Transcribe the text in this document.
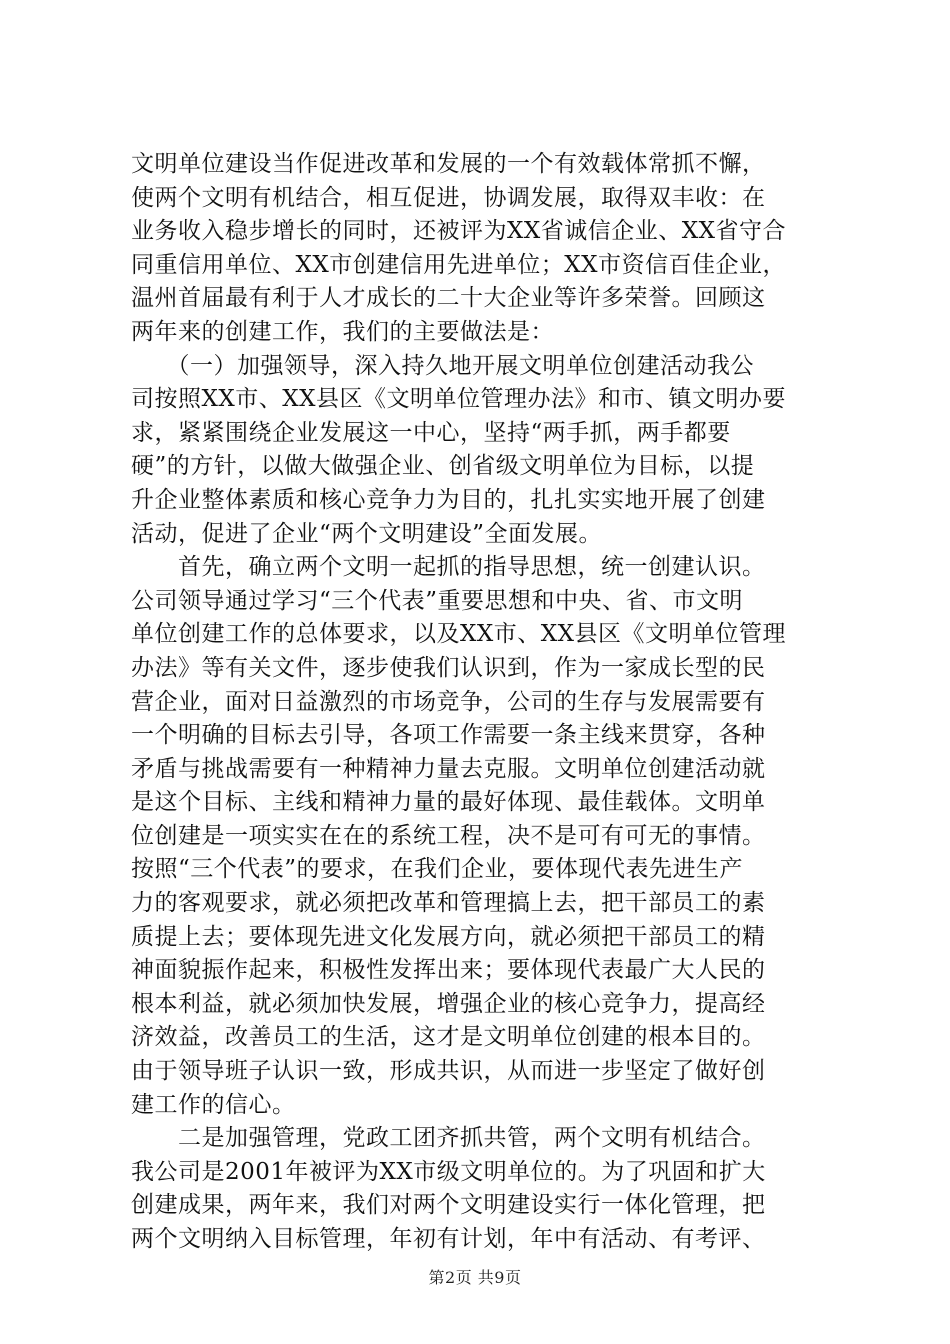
文明单位建设当作促进改革和发展的一个有效载体常抓不懈，
使两个文明有机结合，相互促进，协调发展，取得双丰收：在
业务收入稳步增长的同时，还被评为XX省诚信企业、XX省守合
同重信用单位、XX市创建信用先进单位；XX市资信百佳企业，
温州首届最有利于人才成长的二十大企业等许多荣誉。回顾这
两年来的创建工作，我们的主要做法是：
　　（一）加强领导，深入持久地开展文明单位创建活动我公
司按照XX市、XX县区《文明单位管理办法》和市、镇文明办要
求，紧紧围绕企业发展这一中心，坚持“两手抓，两手都要
硬”的方针，以做大做强企业、创省级文明单位为目标，以提
升企业整体素质和核心竞争力为目的，扎扎实实地开展了创建
活动，促进了企业“两个文明建设”全面发展。
　　首先，确立两个文明一起抓的指导思想，统一创建认识。
公司领导通过学习“三个代表”重要思想和中央、省、市文明
单位创建工作的总体要求，以及XX市、XX县区《文明单位管理
办法》等有关文件，逐步使我们认识到，作为一家成长型的民
营企业，面对日益激烈的市场竞争，公司的生存与发展需要有
一个明确的目标去引导，各项工作需要一条主线来贯穿，各种
矛盾与挑战需要有一种精神力量去克服。文明单位创建活动就
是这个目标、主线和精神力量的最好体现、最佳载体。文明单
位创建是一项实实在在的系统工程，决不是可有可无的事情。
按照“三个代表”的要求，在我们企业，要体现代表先进生产
力的客观要求，就必须把改革和管理搞上去，把干部员工的素
质提上去；要体现先进文化发展方向，就必须把干部员工的精
神面貌振作起来，积极性发挥出来；要体现代表最广大人民的
根本利益，就必须加快发展，增强企业的核心竞争力，提高经
济效益，改善员工的生活，这才是文明单位创建的根本目的。
由于领导班子认识一致，形成共识，从而进一步坚定了做好创
建工作的信心。
　　二是加强管理，党政工团齐抓共管，两个文明有机结合。
我公司是2001年被评为XX市级文明单位的。为了巩固和扩大
创建成果，两年来，我们对两个文明建设实行一体化管理，把
两个文明纳入目标管理，年初有计划，年中有活动、有考评、
第2页 共9页
